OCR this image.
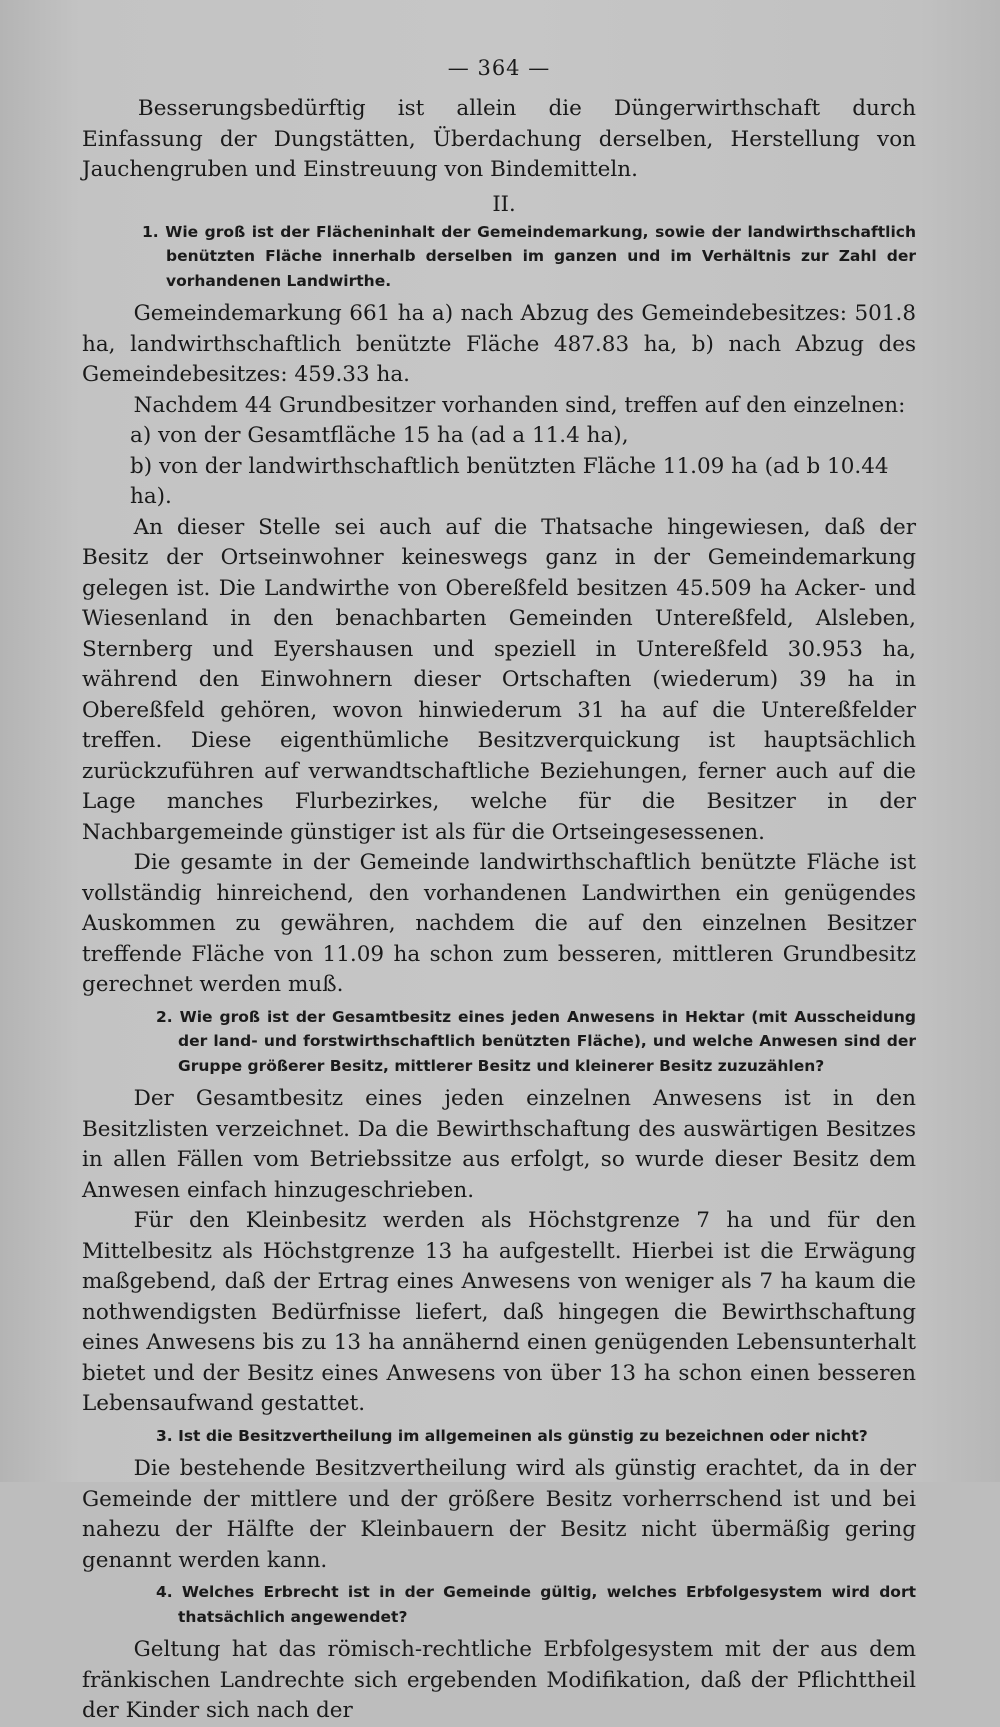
— 364 —

Besserungsbedürftig ist allein die Düngerwirthschaft durch Einfassung der Dungstätten, Überdachung derselben, Herstellung von Jauchengruben und Einstreuung von Bindemitteln.

II.

1. Wie groß ist der Flächeninhalt der Gemeindemarkung, sowie der landwirthschaftlich benützten Fläche innerhalb derselben im ganzen und im Verhältnis zur Zahl der vorhandenen Landwirthe.

Gemeindemarkung 661 ha a) nach Abzug des Gemeindebesitzes: 501.8 ha, landwirthschaftlich benützte Fläche 487.83 ha, b) nach Abzug des Gemeindebesitzes: 459.33 ha.

Nachdem 44 Grundbesitzer vorhanden sind, treffen auf den einzelnen:

a) von der Gesamtfläche 15 ha (ad a 11.4 ha),

b) von der landwirthschaftlich benützten Fläche 11.09 ha (ad b 10.44 ha).

An dieser Stelle sei auch auf die Thatsache hingewiesen, daß der Besitz der Ortseinwohner keineswegs ganz in der Gemeindemarkung gelegen ist. Die Landwirthe von Obereßfeld besitzen 45.509 ha Acker- und Wiesenland in den benachbarten Gemeinden Untereßfeld, Alsleben, Sternberg und Eyershausen und speziell in Untereßfeld 30.953 ha, während den Einwohnern dieser Ortschaften (wiederum) 39 ha in Obereßfeld gehören, wovon hinwiederum 31 ha auf die Untereßfelder treffen. Diese eigenthümliche Besitzverquickung ist hauptsächlich zurückzuführen auf verwandtschaftliche Beziehungen, ferner auch auf die Lage manches Flurbezirkes, welche für die Besitzer in der Nachbargemeinde günstiger ist als für die Ortseingesessenen.

Die gesamte in der Gemeinde landwirthschaftlich benützte Fläche ist vollständig hinreichend, den vorhandenen Landwirthen ein genügendes Auskommen zu gewähren, nachdem die auf den einzelnen Besitzer treffende Fläche von 11.09 ha schon zum besseren, mittleren Grundbesitz gerechnet werden muß.

2. Wie groß ist der Gesamtbesitz eines jeden Anwesens in Hektar (mit Ausscheidung der land- und forstwirthschaftlich benützten Fläche), und welche Anwesen sind der Gruppe größerer Besitz, mittlerer Besitz und kleinerer Besitz zuzuzählen?

Der Gesamtbesitz eines jeden einzelnen Anwesens ist in den Besitzlisten verzeichnet. Da die Bewirthschaftung des auswärtigen Besitzes in allen Fällen vom Betriebssitze aus erfolgt, so wurde dieser Besitz dem Anwesen einfach hinzugeschrieben.

Für den Kleinbesitz werden als Höchstgrenze 7 ha und für den Mittelbesitz als Höchstgrenze 13 ha aufgestellt. Hierbei ist die Erwägung maßgebend, daß der Ertrag eines Anwesens von weniger als 7 ha kaum die nothwendigsten Bedürfnisse liefert, daß hingegen die Bewirthschaftung eines Anwesens bis zu 13 ha annähernd einen genügenden Lebensunterhalt bietet und der Besitz eines Anwesens von über 13 ha schon einen besseren Lebensaufwand gestattet.

3. Ist die Besitzvertheilung im allgemeinen als günstig zu bezeichnen oder nicht?

Die bestehende Besitzvertheilung wird als günstig erachtet, da in der Gemeinde der mittlere und der größere Besitz vorherrschend ist und bei nahezu der Hälfte der Kleinbauern der Besitz nicht übermäßig gering genannt werden kann.

4. Welches Erbrecht ist in der Gemeinde gültig, welches Erbfolgesystem wird dort thatsächlich angewendet?

Geltung hat das römisch-rechtliche Erbfolgesystem mit der aus dem fränkischen Landrechte sich ergebenden Modifikation, daß der Pflichttheil der Kinder sich nach der
